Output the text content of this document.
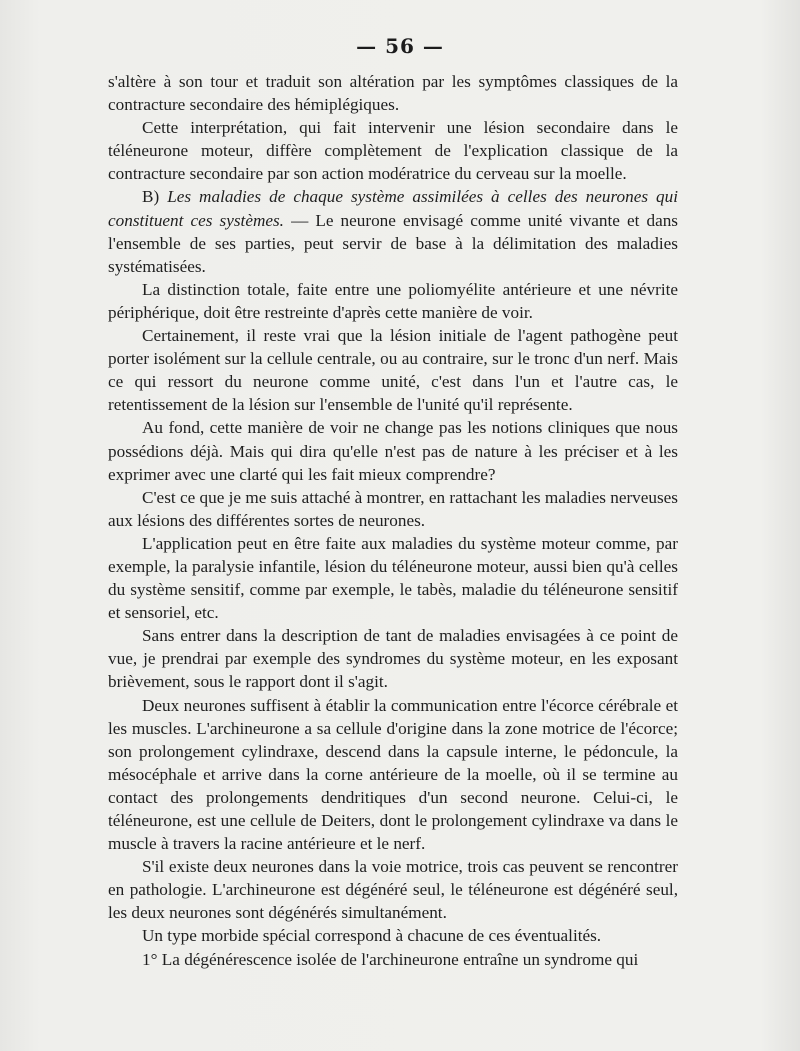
— 56 —

s'altère à son tour et traduit son altération par les symptômes classiques de la contracture secondaire des hémiplégiques.

Cette interprétation, qui fait intervenir une lésion secondaire dans le téléneurone moteur, diffère complètement de l'explication classique de la contracture secondaire par son action modératrice du cerveau sur la moelle.

B) Les maladies de chaque système assimilées à celles des neurones qui constituent ces systèmes. — Le neurone envisagé comme unité vivante et dans l'ensemble de ses parties, peut servir de base à la délimitation des maladies systématisées.

La distinction totale, faite entre une poliomyélite antérieure et une névrite périphérique, doit être restreinte d'après cette manière de voir.

Certainement, il reste vrai que la lésion initiale de l'agent pathogène peut porter isolément sur la cellule centrale, ou au contraire, sur le tronc d'un nerf. Mais ce qui ressort du neurone comme unité, c'est dans l'un et l'autre cas, le retentissement de la lésion sur l'ensemble de l'unité qu'il représente.

Au fond, cette manière de voir ne change pas les notions cliniques que nous possédions déjà. Mais qui dira qu'elle n'est pas de nature à les préciser et à les exprimer avec une clarté qui les fait mieux comprendre?

C'est ce que je me suis attaché à montrer, en rattachant les maladies nerveuses aux lésions des différentes sortes de neurones.

L'application peut en être faite aux maladies du système moteur comme, par exemple, la paralysie infantile, lésion du téléneurone moteur, aussi bien qu'à celles du système sensitif, comme par exemple, le tabès, maladie du téléneurone sensitif et sensoriel, etc.

Sans entrer dans la description de tant de maladies envisagées à ce point de vue, je prendrai par exemple des syndromes du système moteur, en les exposant brièvement, sous le rapport dont il s'agit.

Deux neurones suffisent à établir la communication entre l'écorce cérébrale et les muscles. L'archineurone a sa cellule d'origine dans la zone motrice de l'écorce; son prolongement cylindraxe, descend dans la capsule interne, le pédoncule, la mésocéphale et arrive dans la corne antérieure de la moelle, où il se termine au contact des prolongements dendritiques d'un second neurone. Celui-ci, le téléneurone, est une cellule de Deiters, dont le prolongement cylindraxe va dans le muscle à travers la racine antérieure et le nerf.

S'il existe deux neurones dans la voie motrice, trois cas peuvent se rencontrer en pathologie. L'archineurone est dégénéré seul, le téléneurone est dégénéré seul, les deux neurones sont dégénérés simultanément.

Un type morbide spécial correspond à chacune de ces éventualités.

1° La dégénérescence isolée de l'archineurone entraîne un syndrome qui
